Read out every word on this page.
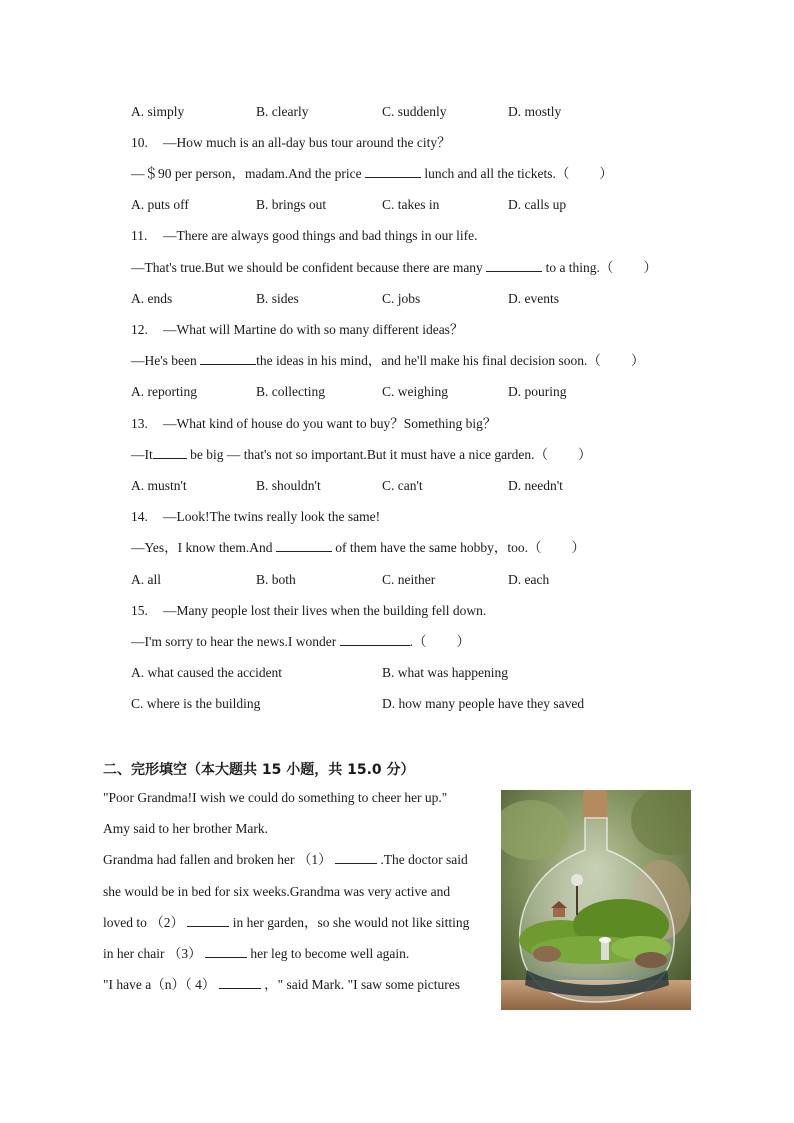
A. simply	B. clearly	C. suddenly	D. mostly
10. —How much is an all-day bus tour around the city？
—＄90 per person，madam.And the price	lunch and all the tickets.（ ）
A. puts off	B. brings out	C. takes in	D. calls up
11. —There are always good things and bad things in our life.
—That's true.But we should be confident because there are many	to a thing.（ ）
A. ends	B. sides	C. jobs	D. events
12. —What will Martine do with so many different ideas？
—He's been	the ideas in his mind，and he'll make his final decision soon.（ ）
A. reporting	B. collecting	C. weighing	D. pouring
13. —What kind of house do you want to buy？Something big？
—It	be big — that's not so important.But it must have a nice garden.（ ）
A. mustn't	B. shouldn't	C. can't	D. needn't
14. —Look!The twins really look the same!
—Yes，I know them.And	of them have the same hobby，too.（ ）
A. all	B. both	C. neither	D. each
15. —Many people lost their lives when the building fell down.
—I'm sorry to hear the news.I wonder	.（ ）
A. what caused the accident	B. what was happening
C. where is the building	D. how many people have they saved
二、完形填空（本大题共 15 小题，共 15.0 分）
"Poor Grandma!I wish we could do something to cheer her up."
Amy said to her brother Mark.
Grandma had fallen and broken her （1）	.The doctor said
she would be in bed for six weeks.Grandma was very active and
loved to （2）	in her garden，so she would not like sitting
in her chair （3）	her leg to become well again.
"I have a（n）（ 4）	，" said Mark. "I saw some pictures
